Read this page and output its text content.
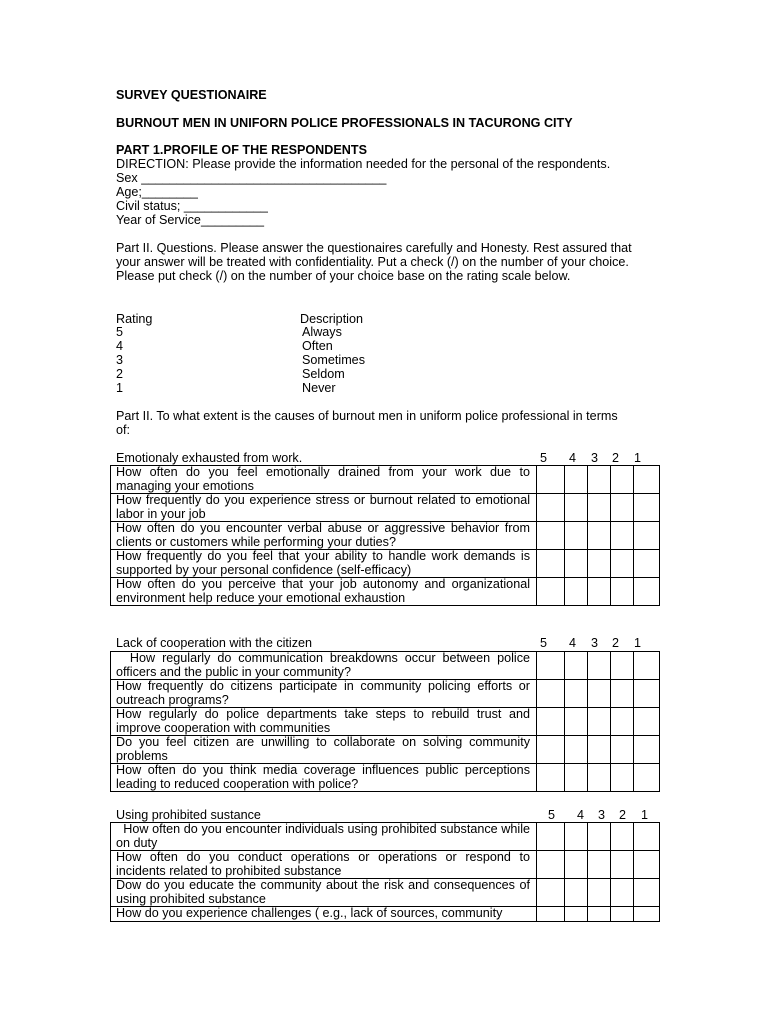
SURVEY QUESTIONAIRE
BURNOUT MEN IN UNIFORN POLICE PROFESSIONALS IN TACURONG CITY
PART 1.PROFILE OF THE RESPONDENTS
DIRECTION: Please provide the information needed for the personal of the respondents.
Sex ___________________________________
Age;________
Civil status; ____________
Year of Service_________
Part II. Questions. Please answer the questionaires carefully and Honesty. Rest assured that
your answer will be treated with confidentiality. Put a check (/) on the number of your choice.
Please put check (/) on the number of your choice base on the rating scale below.
Rating	Description
5	Always
4	Often
3	Sometimes
2	Seldom
1	Never
Part II. To what extent is the causes of burnout men in uniform police professional in terms
of:
Emotionaly exhausted from work.	5 4 3 2 1
How often do you feel emotionally drained from your work due to managing your emotions					
How frequently do you experience stress or burnout related to emotional labor in your job					
How often do you encounter verbal abuse or aggressive behavior from clients or customers while performing your duties?					
How frequently do you feel that your ability to handle work demands is supported by your personal confidence (self-efficacy)					
How often do you perceive that your job autonomy and organizational environment help reduce your emotional exhaustion					
Lack of cooperation with the citizen	5 4 3 2 1
How regularly do communication breakdowns occur between police officers and the public in your community?					
How frequently do citizens participate in community policing efforts or outreach programs?					
How regularly do police departments take steps to rebuild trust and improve cooperation with communities					
Do you feel citizen are unwilling to collaborate on solving community problems					
How often do you think media coverage influences public perceptions leading to reduced cooperation with police?					
Using prohibited sustance	5 4 3 2 1
How often do you encounter individuals using prohibited substance while on duty					
How often do you conduct operations or operations or respond to incidents related to prohibited substance					
Dow do you educate the community about the risk and consequences of using prohibited substance					
How do you experience challenges ( e.g., lack of sources, community					
